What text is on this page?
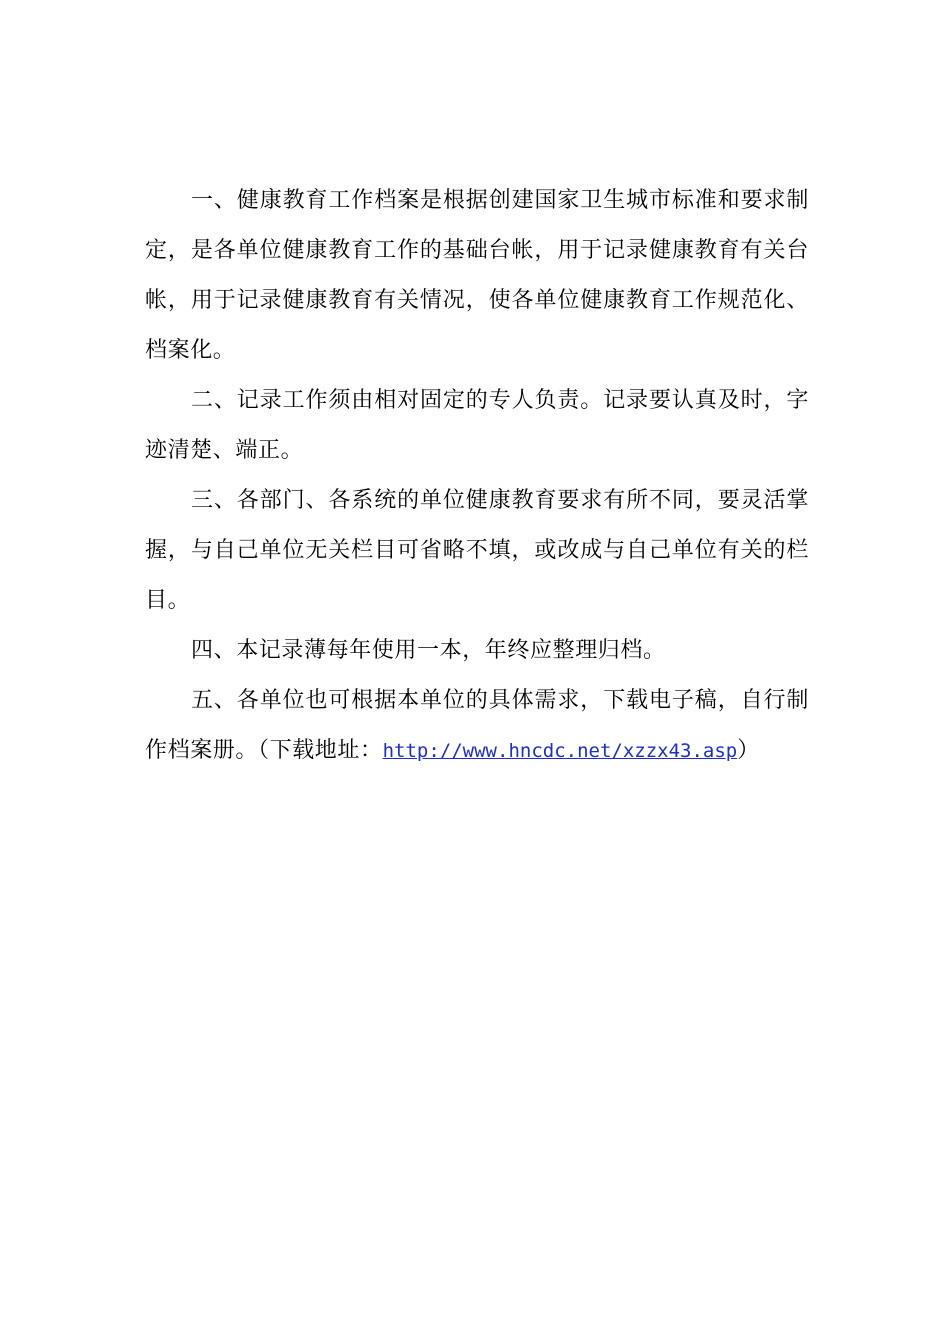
一、健康教育工作档案是根据创建国家卫生城市标准和要求制定，是各单位健康教育工作的基础台帐，用于记录健康教育有关台帐，用于记录健康教育有关情况，使各单位健康教育工作规范化、档案化。

二、记录工作须由相对固定的专人负责。记录要认真及时，字迹清楚、端正。

三、各部门、各系统的单位健康教育要求有所不同，要灵活掌握，与自己单位无关栏目可省略不填，或改成与自己单位有关的栏目。

四、本记录薄每年使用一本，年终应整理归档。

五、各单位也可根据本单位的具体需求，下载电子稿，自行制作档案册。（下载地址：http://www.hncdc.net/xzzx43.asp）
